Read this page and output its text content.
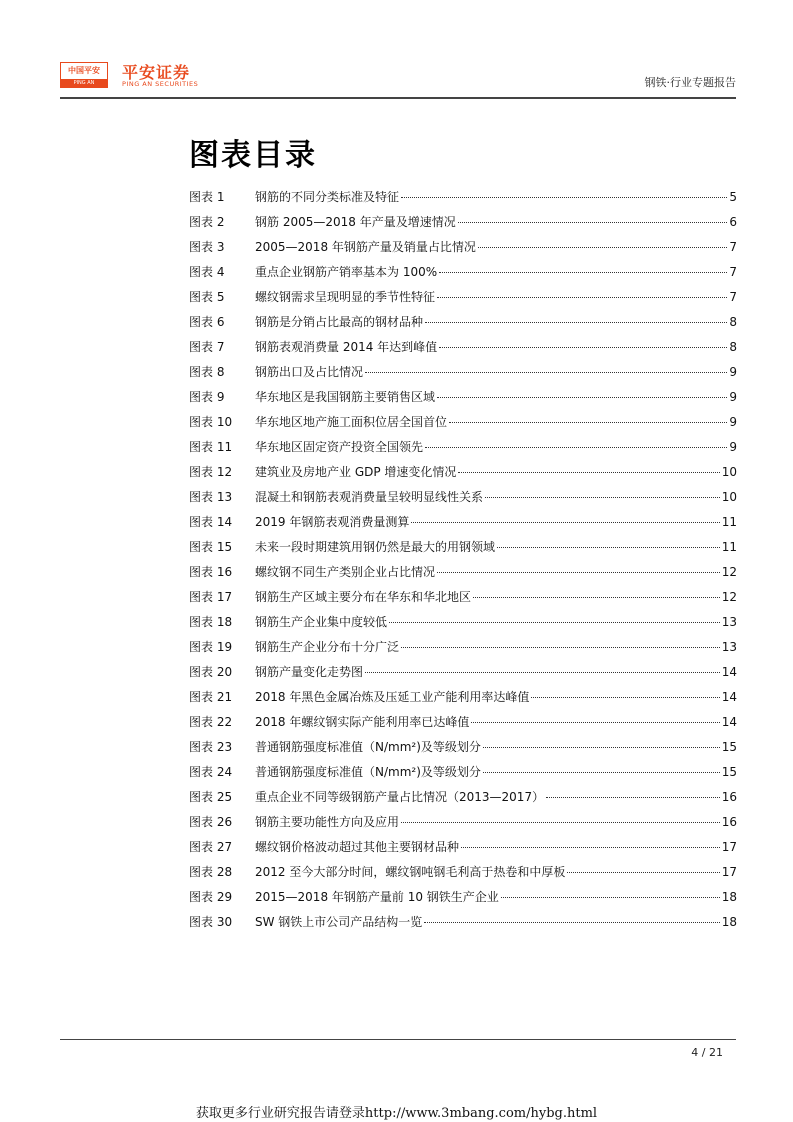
中国平安
PING AN
平安证券
PING AN SECURITIES	钢铁·行业专题报告
图表目录
图表 1	钢筋的不同分类标准及特征	5
图表 2	钢筋 2005—2018 年产量及增速情况	6
图表 3	2005—2018 年钢筋产量及销量占比情况	7
图表 4	重点企业钢筋产销率基本为 100%	7
图表 5	螺纹钢需求呈现明显的季节性特征	7
图表 6	钢筋是分销占比最高的钢材品种	8
图表 7	钢筋表观消费量 2014 年达到峰值	8
图表 8	钢筋出口及占比情况	9
图表 9	华东地区是我国钢筋主要销售区域	9
图表 10	华东地区地产施工面积位居全国首位	9
图表 11	华东地区固定资产投资全国领先	9
图表 12	建筑业及房地产业 GDP 增速变化情况	10
图表 13	混凝土和钢筋表观消费量呈较明显线性关系	10
图表 14	2019 年钢筋表观消费量测算	11
图表 15	未来一段时期建筑用钢仍然是最大的用钢领域	11
图表 16	螺纹钢不同生产类别企业占比情况	12
图表 17	钢筋生产区域主要分布在华东和华北地区	12
图表 18	钢筋生产企业集中度较低	13
图表 19	钢筋生产企业分布十分广泛	13
图表 20	钢筋产量变化走势图	14
图表 21	2018 年黑色金属冶炼及压延工业产能利用率达峰值	14
图表 22	2018 年螺纹钢实际产能利用率已达峰值	14
图表 23	普通钢筋强度标准值（N/mm²)及等级划分	15
图表 24	普通钢筋强度标准值（N/mm²)及等级划分	15
图表 25	重点企业不同等级钢筋产量占比情况（2013—2017）	16
图表 26	钢筋主要功能性方向及应用	16
图表 27	螺纹钢价格波动超过其他主要钢材品种	17
图表 28	2012 至今大部分时间，螺纹钢吨钢毛利高于热卷和中厚板	17
图表 29	2015—2018 年钢筋产量前 10 钢铁生产企业	18
图表 30	SW 钢铁上市公司产品结构一览	18
4 / 21
获取更多行业研究报告请登录http://www.3mbang.com/hybg.html
